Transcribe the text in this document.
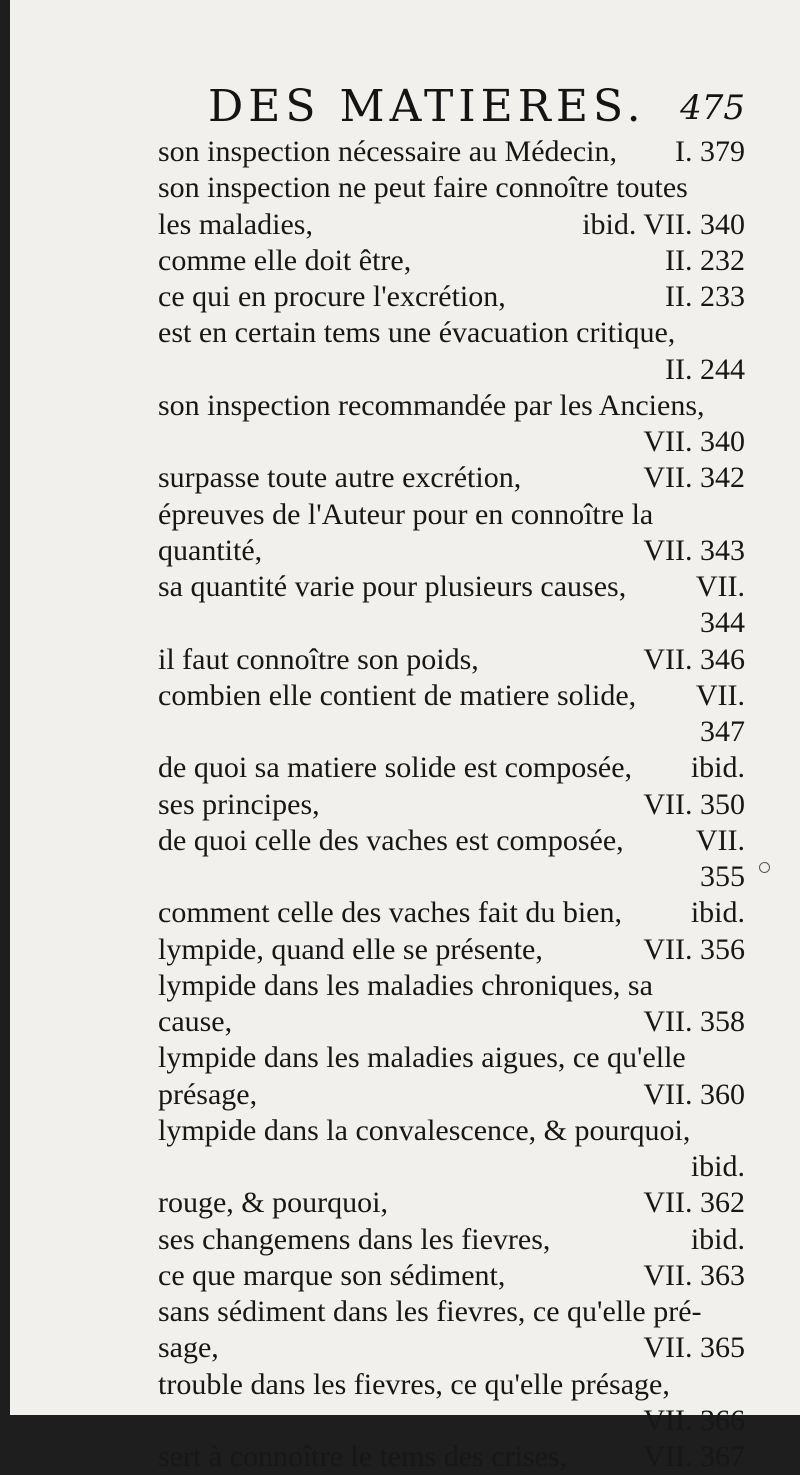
DES MATIERES. 475
son inspection nécessaire au Médecin,	I. 379
son inspection ne peut faire connoître toutes
les maladies,	ibid. VII. 340
comme elle doit être,	II. 232
ce qui en procure l'excrétion,	II. 233
est en certain tems une évacuation critique,
II. 244
son inspection recommandée par les Anciens,
VII. 340
surpasse toute autre excrétion,	VII. 342
épreuves de l'Auteur pour en connoître la
quantité,	VII. 343
sa quantité varie pour plusieurs causes,	VII.
344
il faut connoître son poids,	VII. 346
combien elle contient de matiere solide,	VII.
347
de quoi sa matiere solide est composée,	ibid.
ses principes,	VII. 350
de quoi celle des vaches est composée,	VII.
355
comment celle des vaches fait du bien,	ibid.
lympide, quand elle se présente,	VII. 356
lympide dans les maladies chroniques, sa
cause,	VII. 358
lympide dans les maladies aigues, ce qu'elle
présage,	VII. 360
lympide dans la convalescence, & pourquoi,
ibid.
rouge, & pourquoi,	VII. 362
ses changemens dans les fievres,	ibid.
ce que marque son sédiment,	VII. 363
sans sédiment dans les fievres, ce qu'elle pré-
sage,	VII. 365
trouble dans les fievres, ce qu'elle présage,
VII. 366
sert à connoître le tems des crises,	VII. 367
